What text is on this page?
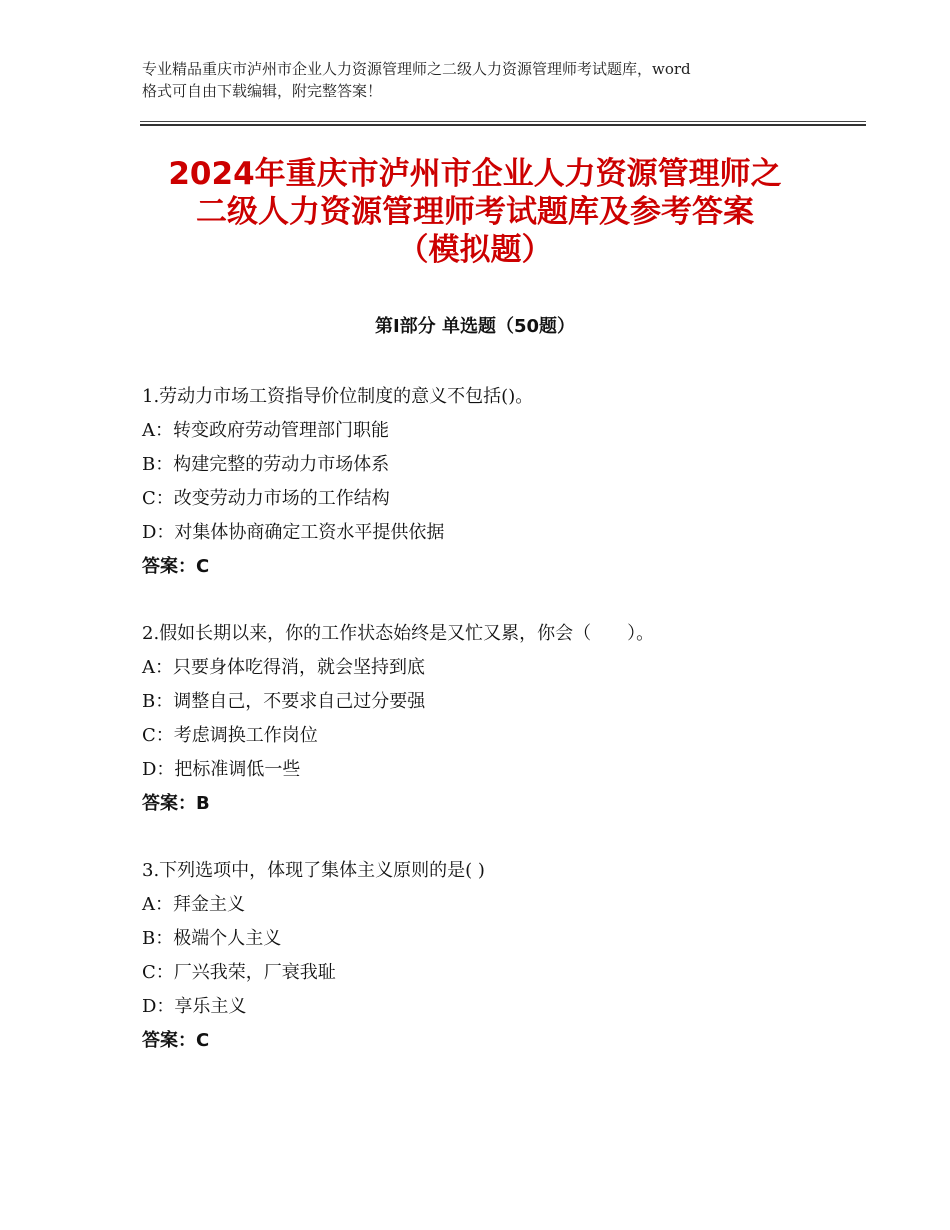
专业精品重庆市泸州市企业人力资源管理师之二级人力资源管理师考试题库，word
格式可自由下载编辑，附完整答案！
2024年重庆市泸州市企业人力资源管理师之
二级人力资源管理师考试题库及参考答案
（模拟题）
第Ⅰ部分 单选题（50题）
1.劳动力市场工资指导价位制度的意义不包括()。
A：转变政府劳动管理部门职能
B：构建完整的劳动力市场体系
C：改变劳动力市场的工作结构
D：对集体协商确定工资水平提供依据
答案：C
2.假如长期以来，你的工作状态始终是又忙又累，你会（　　）。
A：只要身体吃得消，就会坚持到底
B：调整自己，不要求自己过分要强
C：考虑调换工作岗位
D：把标准调低一些
答案：B
3.下列选项中，体现了集体主义原则的是( )
A：拜金主义
B：极端个人主义
C：厂兴我荣，厂衰我耻
D：享乐主义
答案：C
